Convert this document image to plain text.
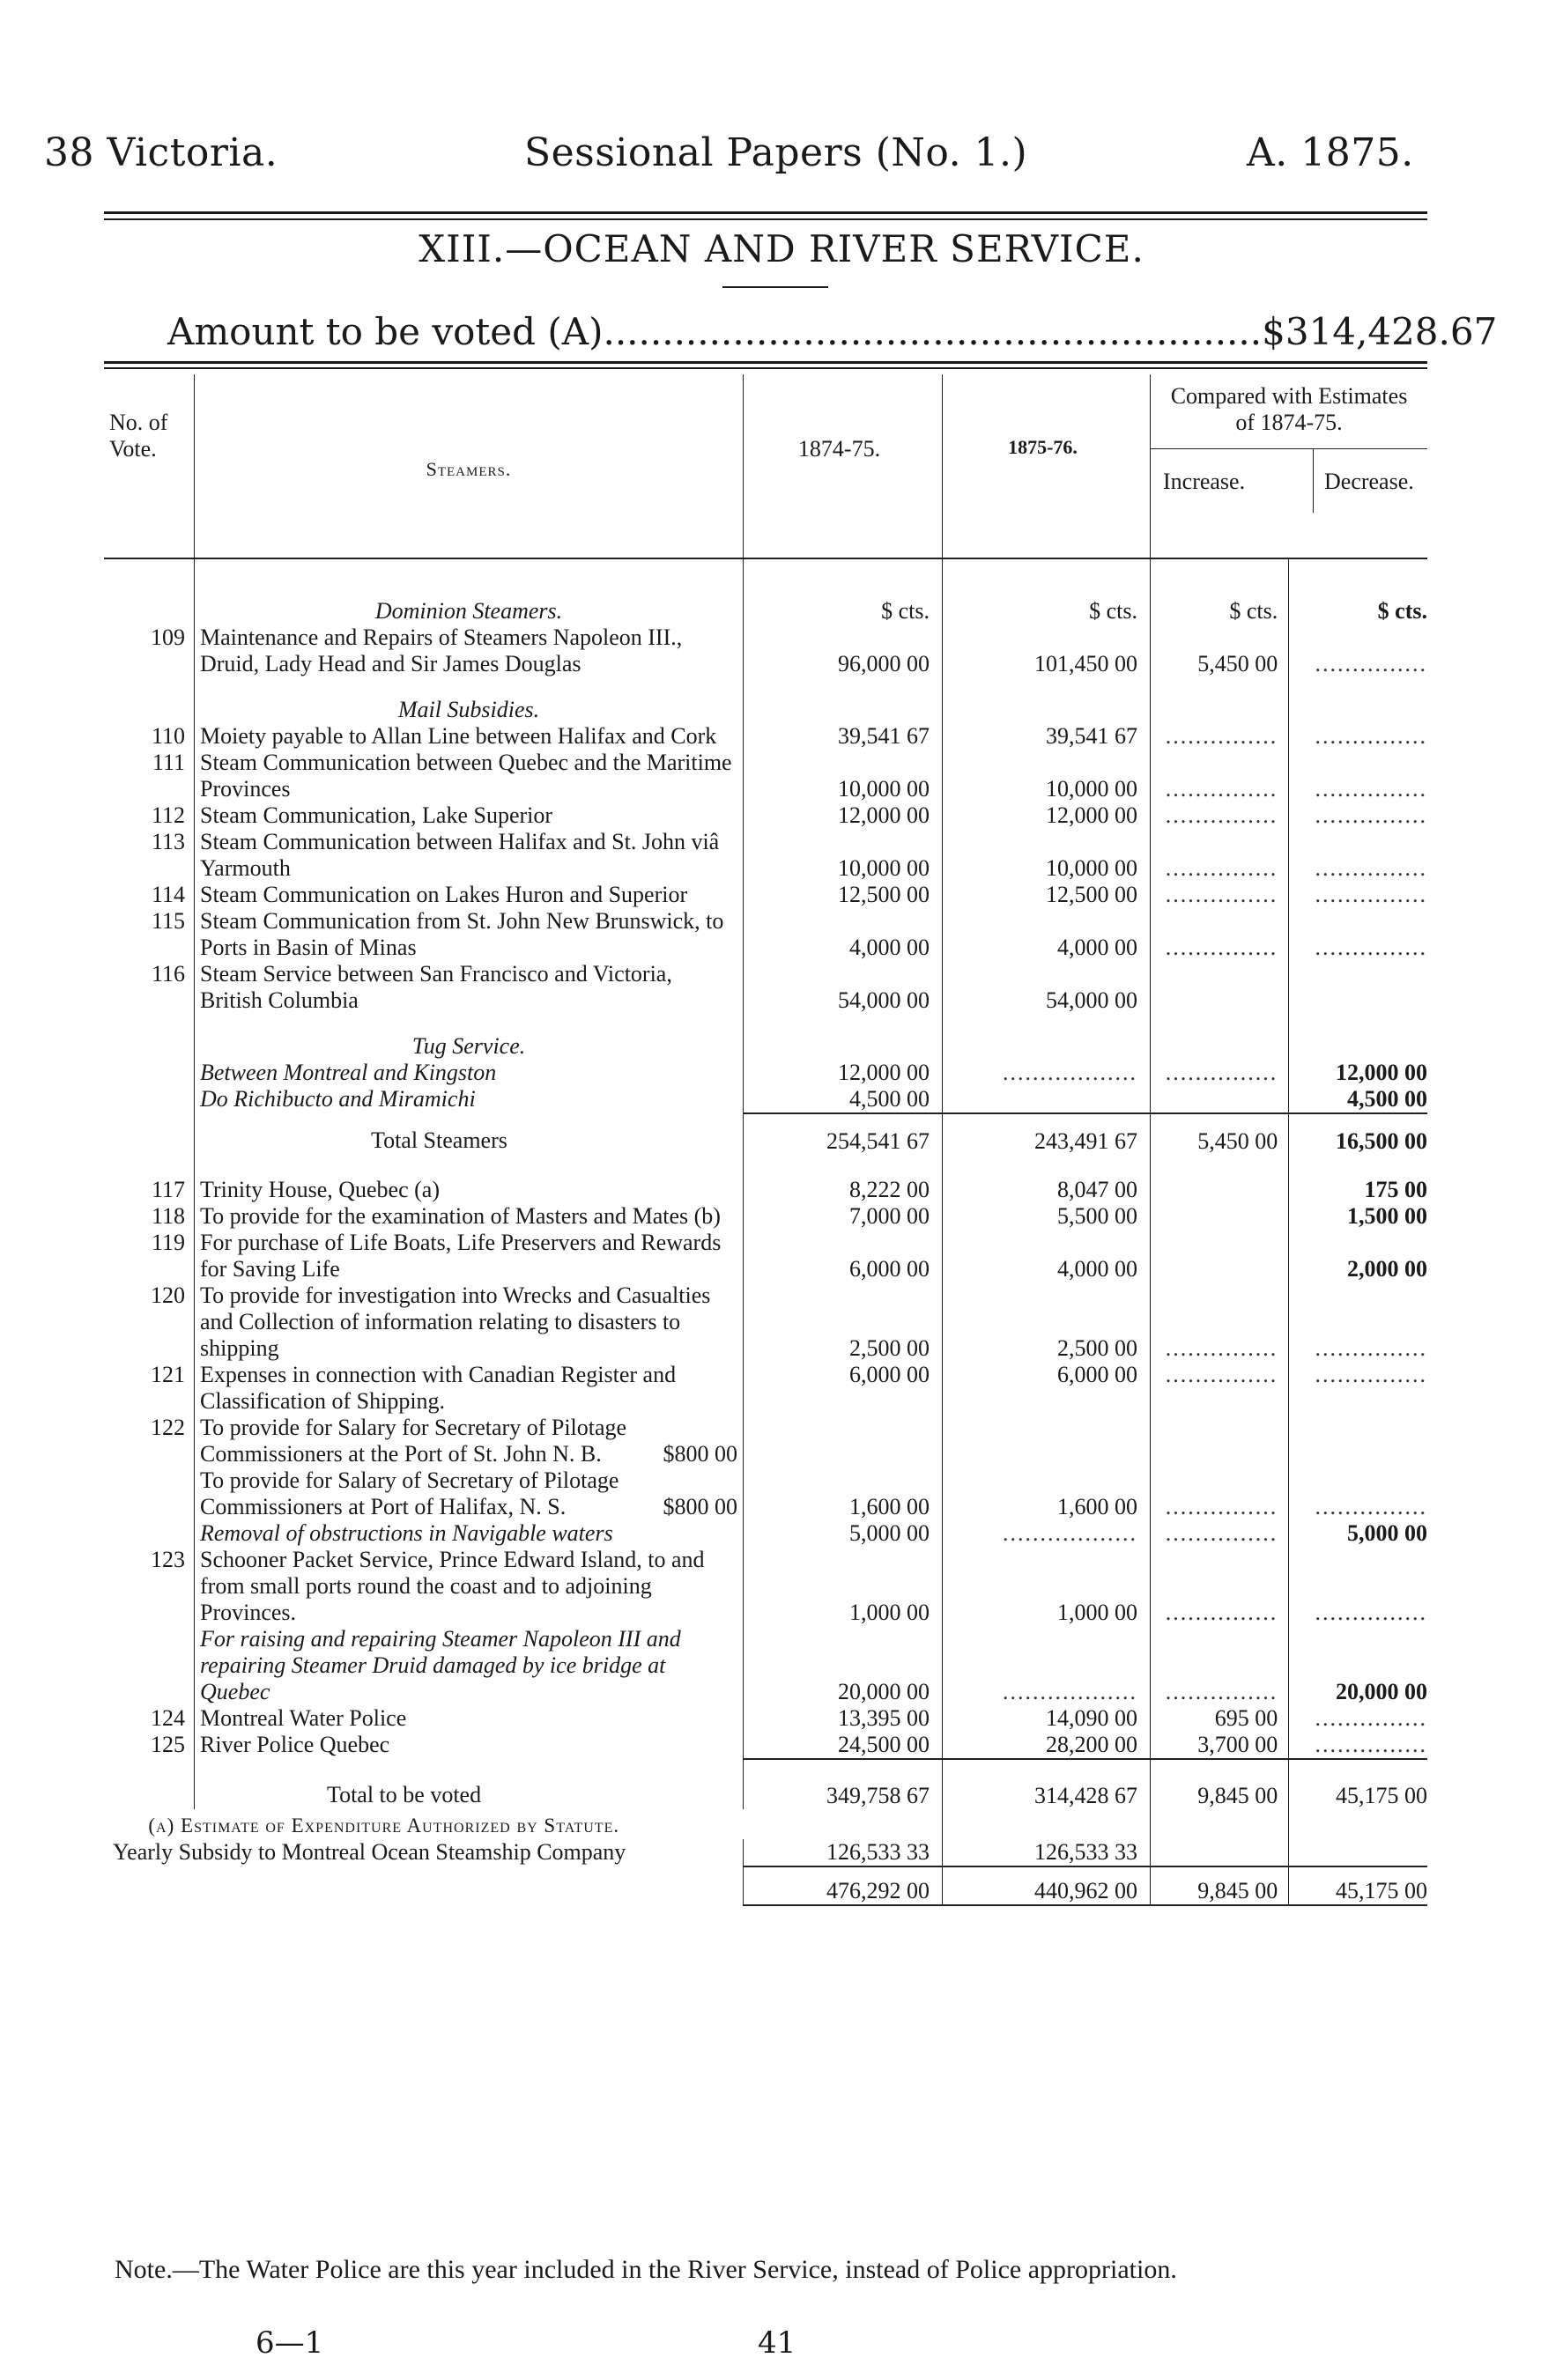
38 Victoria.	Sessional Papers (No. 1.)	A. 1875.
XIII.—OCEAN AND RIVER SERVICE.
Amount to be voted (A)........................................................$314,428.67
No. of Vote.	Steamers.	1874-75.	1875-76.	Compared with Estimates of 1874-75.
Increase. Decrease.	

	Dominion Steamers.	$ cts.	$ cts.	$ cts.	$ cts.
109	Maintenance and Repairs of Steamers Napoleon III., Druid, Lady Head and Sir James Douglas	96,000 00	101,450 00	5,450 00	...............
	Mail Subsidies.				
110	Moiety payable to Allan Line between Halifax and Cork	39,541 67	39,541 67	...............	...............
111	Steam Communication between Quebec and the Maritime Provinces	10,000 00	10,000 00	...............	...............
112	Steam Communication, Lake Superior	12,000 00	12,000 00	...............	...............
113	Steam Communication between Halifax and St. John viâ Yarmouth	10,000 00	10,000 00	...............	...............
114	Steam Communication on Lakes Huron and Superior	12,500 00	12,500 00	...............	...............
115	Steam Communication from St. John New Brunswick, to Ports in Basin of Minas	4,000 00	4,000 00	...............	...............
116	Steam Service between San Francisco and Victoria, British Columbia	54,000 00	54,000 00		
	Tug Service.				
	Between Montreal and Kingston	12,000 00	..................	...............	12,000 00
	Do Richibucto and Miramichi	4,500 00			4,500 00
	Total Steamers	254,541 67	243,491 67	5,450 00	16,500 00
117	Trinity House, Quebec (a)	8,222 00	8,047 00		175 00
118	To provide for the examination of Masters and Mates (b)	7,000 00	5,500 00		1,500 00
119	For purchase of Life Boats, Life Preservers and Rewards for Saving Life	6,000 00	4,000 00		2,000 00
120	To provide for investigation into Wrecks and Casualties and Collection of information relating to disasters to shipping	2,500 00	2,500 00	...............	...............
121	Expenses in connection with Canadian Register and Classification of Shipping.	6,000 00	6,000 00	...............	...............
122	To provide for Salary for Secretary of Pilotage Commissioners at the Port of St. John N. B. $800 00
To provide for Salary of Secretary of Pilotage Commissioners at Port of Halifax, N. S. $800 00	1,600 00	1,600 00	...............	...............
	Removal of obstructions in Navigable waters	5,000 00	..................	...............	5,000 00
123	Schooner Packet Service, Prince Edward Island, to and from small ports round the coast and to adjoining Provinces.	1,000 00	1,000 00	...............	...............
	For raising and repairing Steamer Napoleon III and repairing Steamer Druid damaged by ice bridge at Quebec	20,000 00	..................	...............	20,000 00
124	Montreal Water Police	13,395 00	14,090 00	695 00	...............
125	River Police Quebec	24,500 00	28,200 00	3,700 00	...............
	Total to be voted	349,758 67	314,428 67	9,845 00	45,175 00
(a) Estimate of Expenditure Authorized by Statute.					
Yearly Subsidy to Montreal Ocean Steamship Company		126,533 33	126,533 33		
		476,292 00	440,962 00	9,845 00	45,175 00
Note.—The Water Police are this year included in the River Service, instead of Police appropriation.
6—1	41
